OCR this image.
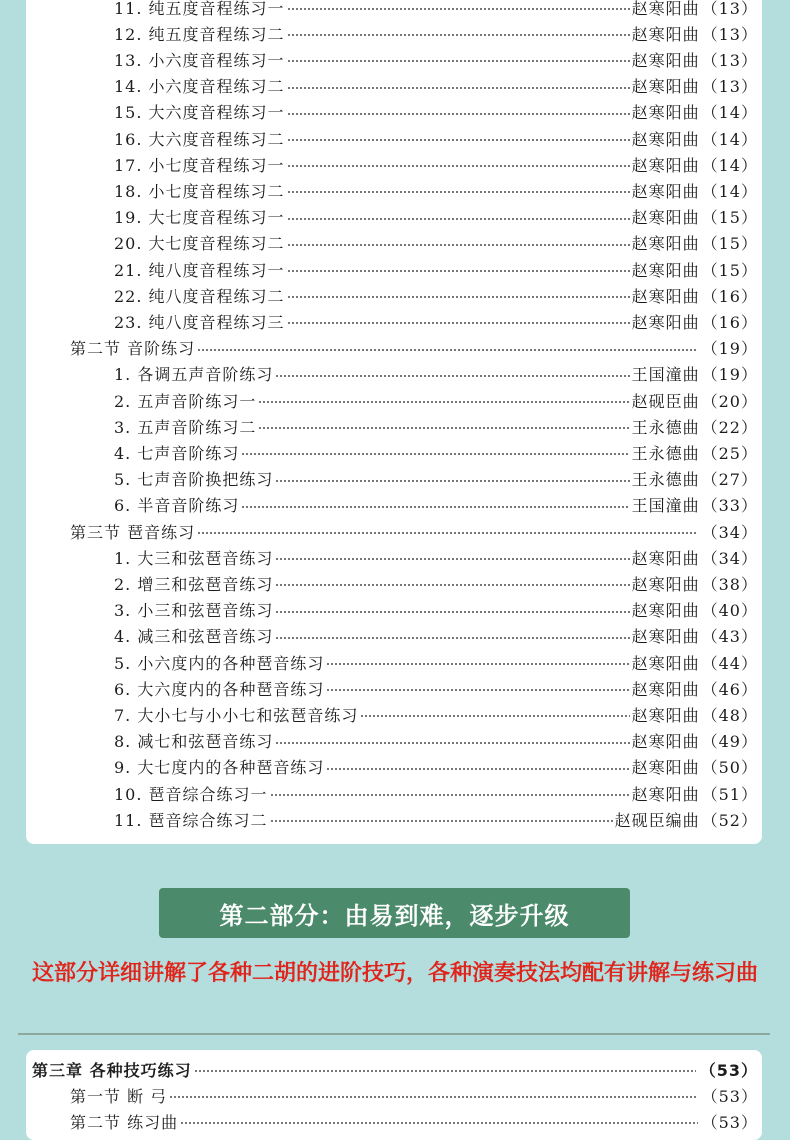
11. 纯五度音程练习一	赵寒阳曲 （13）
12. 纯五度音程练习二	赵寒阳曲 （13）
13. 小六度音程练习一	赵寒阳曲 （13）
14. 小六度音程练习二	赵寒阳曲 （13）
15. 大六度音程练习一	赵寒阳曲 （14）
16. 大六度音程练习二	赵寒阳曲 （14）
17. 小七度音程练习一	赵寒阳曲 （14）
18. 小七度音程练习二	赵寒阳曲 （14）
19. 大七度音程练习一	赵寒阳曲 （15）
20. 大七度音程练习二	赵寒阳曲 （15）
21. 纯八度音程练习一	赵寒阳曲 （15）
22. 纯八度音程练习二	赵寒阳曲 （16）
23. 纯八度音程练习三	赵寒阳曲 （16）
第二节 音阶练习	（19）
1. 各调五声音阶练习	王国潼曲 （19）
2. 五声音阶练习一	赵砚臣曲 （20）
3. 五声音阶练习二	王永德曲 （22）
4. 七声音阶练习	王永德曲 （25）
5. 七声音阶换把练习	王永德曲 （27）
6. 半音音阶练习	王国潼曲 （33）
第三节 琶音练习	（34）
1. 大三和弦琶音练习	赵寒阳曲 （34）
2. 增三和弦琶音练习	赵寒阳曲 （38）
3. 小三和弦琶音练习	赵寒阳曲 （40）
4. 减三和弦琶音练习	赵寒阳曲 （43）
5. 小六度内的各种琶音练习	赵寒阳曲 （44）
6. 大六度内的各种琶音练习	赵寒阳曲 （46）
7. 大小七与小小七和弦琶音练习	赵寒阳曲 （48）
8. 减七和弦琶音练习	赵寒阳曲 （49）
9. 大七度内的各种琶音练习	赵寒阳曲 （50）
10. 琶音综合练习一	赵寒阳曲 （51）
11. 琶音综合练习二	赵砚臣编曲 （52）
第二部分：由易到难，逐步升级
这部分详细讲解了各种二胡的进阶技巧，各种演奏技法均配有讲解与练习曲
第三章 各种技巧练习	（53）
第一节 断 弓	（53）
第二节 练习曲	（53）
